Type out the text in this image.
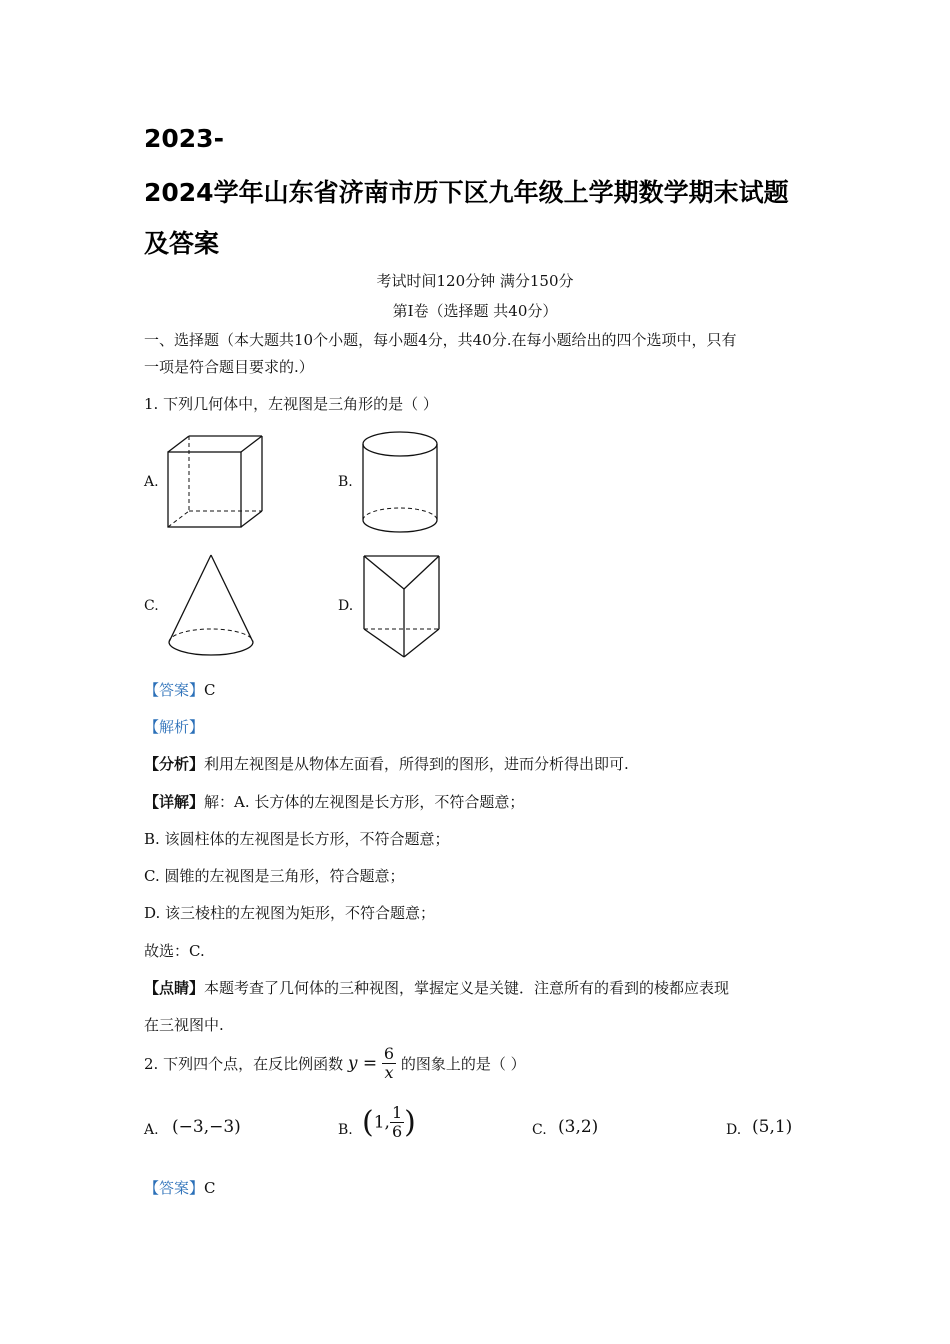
2023-
2024学年山东省济南市历下区九年级上学期数学期末试题
及答案
考试时间120分钟 满分150分
第Ⅰ卷（选择题 共40分）
一、选择题（本大题共10个小题，每小题4分，共40分.在每小题给出的四个选项中，只有
一项是符合题目要求的.）
1. 下列几何体中，左视图是三角形的是（ ）
A.	B.
C.	D.
【答案】C
【解析】
【分析】利用左视图是从物体左面看，所得到的图形，进而分析得出即可.
【详解】解：A. 长方体的左视图是长方形，不符合题意；
B. 该圆柱体的左视图是长方形，不符合题意；
C. 圆锥的左视图是三角形，符合题意；
D. 该三棱柱的左视图为矩形，不符合题意；
故选：C.
【点睛】本题考查了几何体的三种视图，掌握定义是关键．注意所有的看到的棱都应表现
在三视图中.
2. 下列四个点，在反比例函数 $y = \frac{6}{x}$ 的图象上的是（ ）
A. (−3,−3)	B. (1, $\frac{1}{6}$ )	C. (3,2)	D. (5,1)
【答案】C
